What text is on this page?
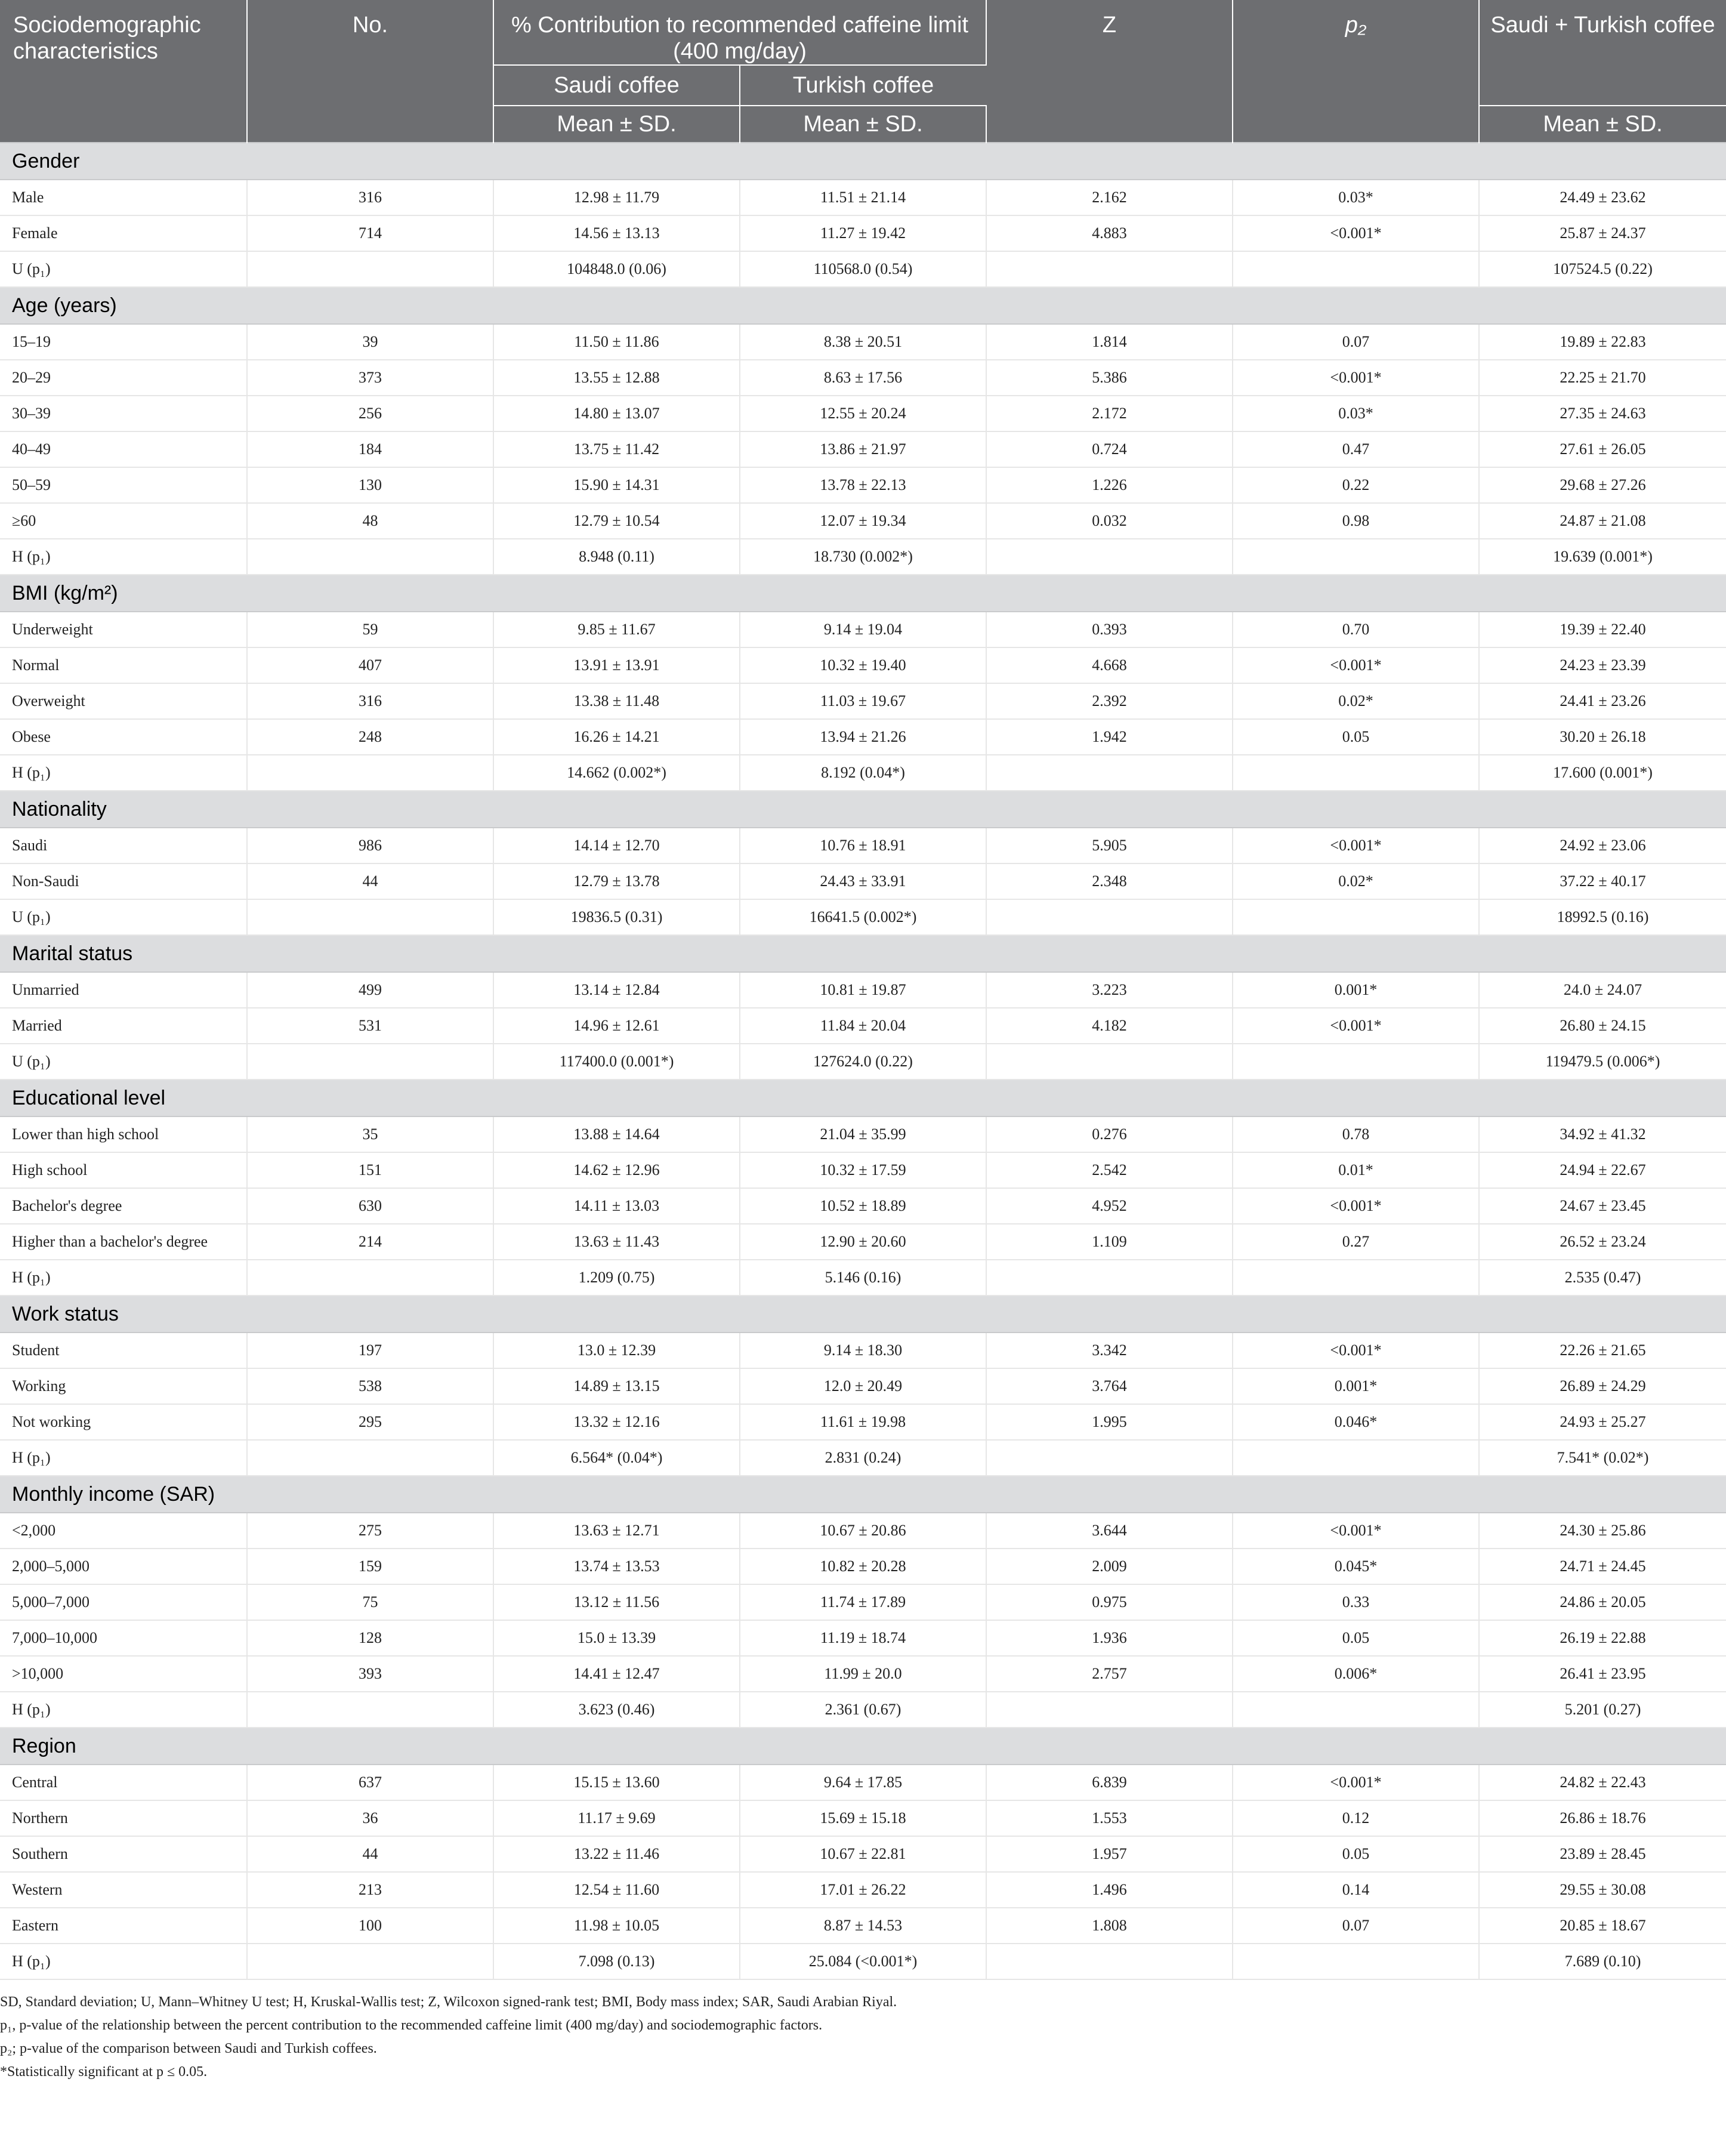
Sociodemographic characteristics	No.	% Contribution to recommended caffeine limit (400 mg/day)		Z	p₂	Saudi + Turkish coffee
		Saudi coffee	Turkish coffee			
		Mean ± SD.	Mean ± SD.			Mean ± SD.
Gender						
Male	316	12.98 ± 11.79	11.51 ± 21.14	2.162	0.03*	24.49 ± 23.62
Female	714	14.56 ± 13.13	11.27 ± 19.42	4.883	<0.001*	25.87 ± 24.37
U (p₁)		104848.0 (0.06)	110568.0 (0.54)			107524.5 (0.22)
Age (years)						
15–19	39	11.50 ± 11.86	8.38 ± 20.51	1.814	0.07	19.89 ± 22.83
20–29	373	13.55 ± 12.88	8.63 ± 17.56	5.386	<0.001*	22.25 ± 21.70
30–39	256	14.80 ± 13.07	12.55 ± 20.24	2.172	0.03*	27.35 ± 24.63
40–49	184	13.75 ± 11.42	13.86 ± 21.97	0.724	0.47	27.61 ± 26.05
50–59	130	15.90 ± 14.31	13.78 ± 22.13	1.226	0.22	29.68 ± 27.26
≥60	48	12.79 ± 10.54	12.07 ± 19.34	0.032	0.98	24.87 ± 21.08
H (p₁)		8.948 (0.11)	18.730 (0.002*)			19.639 (0.001*)
BMI (kg/m²)						
Underweight	59	9.85 ± 11.67	9.14 ± 19.04	0.393	0.70	19.39 ± 22.40
Normal	407	13.91 ± 13.91	10.32 ± 19.40	4.668	<0.001*	24.23 ± 23.39
Overweight	316	13.38 ± 11.48	11.03 ± 19.67	2.392	0.02*	24.41 ± 23.26
Obese	248	16.26 ± 14.21	13.94 ± 21.26	1.942	0.05	30.20 ± 26.18
H (p₁)		14.662 (0.002*)	8.192 (0.04*)			17.600 (0.001*)
Nationality						
Saudi	986	14.14 ± 12.70	10.76 ± 18.91	5.905	<0.001*	24.92 ± 23.06
Non-Saudi	44	12.79 ± 13.78	24.43 ± 33.91	2.348	0.02*	37.22 ± 40.17
U (p₁)		19836.5 (0.31)	16641.5 (0.002*)			18992.5 (0.16)
Marital status						
Unmarried	499	13.14 ± 12.84	10.81 ± 19.87	3.223	0.001*	24.0 ± 24.07
Married	531	14.96 ± 12.61	11.84 ± 20.04	4.182	<0.001*	26.80 ± 24.15
U (p₁)		117400.0 (0.001*)	127624.0 (0.22)			119479.5 (0.006*)
Educational level						
Lower than high school	35	13.88 ± 14.64	21.04 ± 35.99	0.276	0.78	34.92 ± 41.32
High school	151	14.62 ± 12.96	10.32 ± 17.59	2.542	0.01*	24.94 ± 22.67
Bachelor's degree	630	14.11 ± 13.03	10.52 ± 18.89	4.952	<0.001*	24.67 ± 23.45
Higher than a bachelor's degree	214	13.63 ± 11.43	12.90 ± 20.60	1.109	0.27	26.52 ± 23.24
H (p₁)		1.209 (0.75)	5.146 (0.16)			2.535 (0.47)
Work status						
Student	197	13.0 ± 12.39	9.14 ± 18.30	3.342	<0.001*	22.26 ± 21.65
Working	538	14.89 ± 13.15	12.0 ± 20.49	3.764	0.001*	26.89 ± 24.29
Not working	295	13.32 ± 12.16	11.61 ± 19.98	1.995	0.046*	24.93 ± 25.27
H (p₁)		6.564* (0.04*)	2.831 (0.24)			7.541* (0.02*)
Monthly income (SAR)						
<2,000	275	13.63 ± 12.71	10.67 ± 20.86	3.644	<0.001*	24.30 ± 25.86
2,000–5,000	159	13.74 ± 13.53	10.82 ± 20.28	2.009	0.045*	24.71 ± 24.45
5,000–7,000	75	13.12 ± 11.56	11.74 ± 17.89	0.975	0.33	24.86 ± 20.05
7,000–10,000	128	15.0 ± 13.39	11.19 ± 18.74	1.936	0.05	26.19 ± 22.88
>10,000	393	14.41 ± 12.47	11.99 ± 20.0	2.757	0.006*	26.41 ± 23.95
H (p₁)		3.623 (0.46)	2.361 (0.67)			5.201 (0.27)
Region						
Central	637	15.15 ± 13.60	9.64 ± 17.85	6.839	<0.001*	24.82 ± 22.43
Northern	36	11.17 ± 9.69	15.69 ± 15.18	1.553	0.12	26.86 ± 18.76
Southern	44	13.22 ± 11.46	10.67 ± 22.81	1.957	0.05	23.89 ± 28.45
Western	213	12.54 ± 11.60	17.01 ± 26.22	1.496	0.14	29.55 ± 30.08
Eastern	100	11.98 ± 10.05	8.87 ± 14.53	1.808	0.07	20.85 ± 18.67
H (p₁)		7.098 (0.13)	25.084 (<0.001*)			7.689 (0.10)
SD, Standard deviation; U, Mann–Whitney U test; H, Kruskal-Wallis test; Z, Wilcoxon signed-rank test; BMI, Body mass index; SAR, Saudi Arabian Riyal.
p₁, p-value of the relationship between the percent contribution to the recommended caffeine limit (400 mg/day) and sociodemographic factors.
p₂; p-value of the comparison between Saudi and Turkish coffees.
*Statistically significant at p ≤ 0.05.
